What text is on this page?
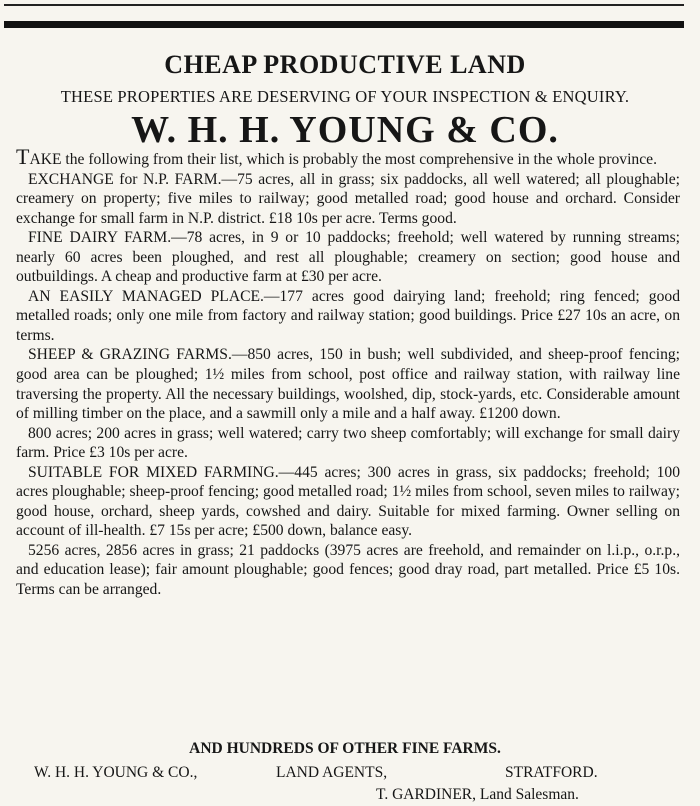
CHEAP PRODUCTIVE LAND
THESE PROPERTIES ARE DESERVING OF YOUR INSPECTION & ENQUIRY.
W. H. H. YOUNG & CO.

TAKE the following from their list, which is probably the most comprehensive in the whole province.

EXCHANGE for N.P. FARM.—75 acres, all in grass; six paddocks, all well watered; all ploughable; creamery on property; five miles to railway; good metalled road; good house and orchard. Consider exchange for small farm in N.P. district. £18 10s per acre. Terms good.

FINE DAIRY FARM.—78 acres, in 9 or 10 paddocks; freehold; well watered by running streams; nearly 60 acres been ploughed, and rest all ploughable; creamery on section; good house and outbuildings. A cheap and productive farm at £30 per acre.

AN EASILY MANAGED PLACE.—177 acres good dairying land; freehold; ring fenced; good metalled roads; only one mile from factory and railway station; good buildings. Price £27 10s an acre, on terms.

SHEEP & GRAZING FARMS.—850 acres, 150 in bush; well subdivided, and sheep-proof fencing; good area can be ploughed; 1½ miles from school, post office and railway station, with railway line traversing the property. All the necessary buildings, woolshed, dip, stock-yards, etc. Considerable amount of milling timber on the place, and a sawmill only a mile and a half away. £1200 down.

800 acres; 200 acres in grass; well watered; carry two sheep comfortably; will exchange for small dairy farm. Price £3 10s per acre.

SUITABLE FOR MIXED FARMING.—445 acres; 300 acres in grass, six paddocks; freehold; 100 acres ploughable; sheep-proof fencing; good metalled road; 1½ miles from school, seven miles to railway; good house, orchard, sheep yards, cowshed and dairy. Suitable for mixed farming. Owner selling on account of ill-health. £7 15s per acre; £500 down, balance easy.

5256 acres, 2856 acres in grass; 21 paddocks (3975 acres are freehold, and remainder on l.i.p., o.r.p., and education lease); fair amount ploughable; good fences; good dray road, part metalled. Price £5 10s. Terms can be arranged.

AND HUNDREDS OF OTHER FINE FARMS.
W. H. H. YOUNG & CO.,	LAND AGENTS,	STRATFORD.
T. GARDINER, Land Salesman.
